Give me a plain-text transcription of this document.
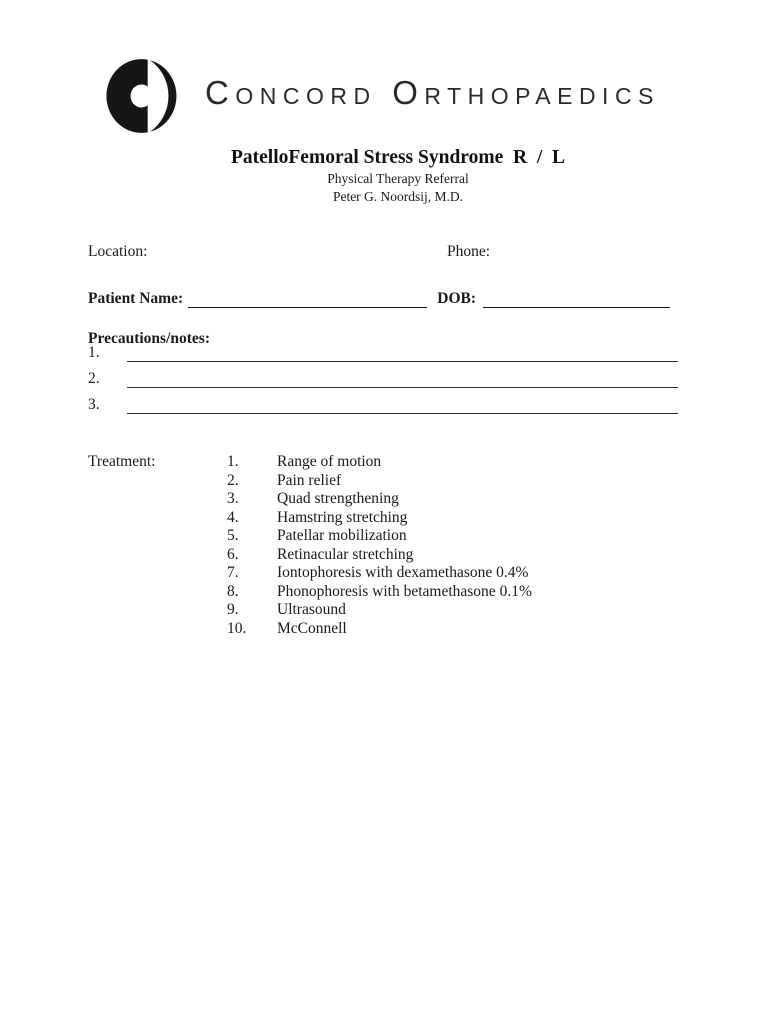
Concord Orthopaedics
PatelloFemoral Stress Syndrome  R  /  L
Physical Therapy Referral
Peter G. Noordsij, M.D.
Location:	Phone:
Patient Name:	DOB:
Precautions/notes:
1.
2.
3.
Treatment:	1.	Range of motion
2.	Pain relief
3.	Quad strengthening
4.	Hamstring stretching
5.	Patellar mobilization
6.	Retinacular stretching
7.	Iontophoresis with dexamethasone 0.4%
8.	Phonophoresis with betamethasone 0.1%
9.	Ultrasound
10.	McConnell
